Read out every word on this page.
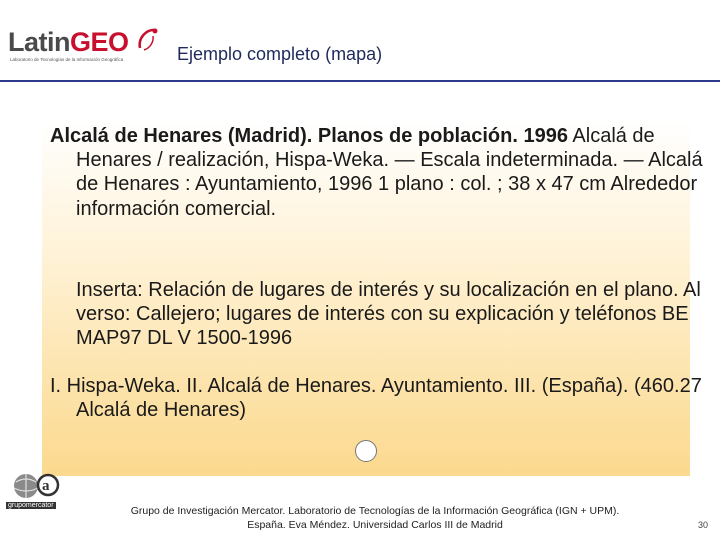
LatinGEO
Laboratorio de Tecnologías de la Información Geográfica	Ejemplo completo (mapa)

Alcalá de Henares (Madrid). Planos de población. 1996 Alcalá de Henares / realización, Hispa-Weka. — Escala indeterminada. — Alcalá de Henares : Ayuntamiento, 1996 1 plano : col. ; 38 x 47 cm Alrededor información comercial.

Inserta: Relación de lugares de interés y su localización en el plano. Al verso: Callejero; lugares de interés con su explicación y teléfonos BE MAP97 DL V 1500-1996

I. Hispa-Weka. II. Alcalá de Henares. Ayuntamiento. III. (España). (460.27 Alcalá de Henares)

a
grupomercator	Grupo de Investigación Mercator. Laboratorio de Tecnologías de la Información Geográfica (IGN + UPM).
España. Eva Méndez. Universidad Carlos III de Madrid	30
